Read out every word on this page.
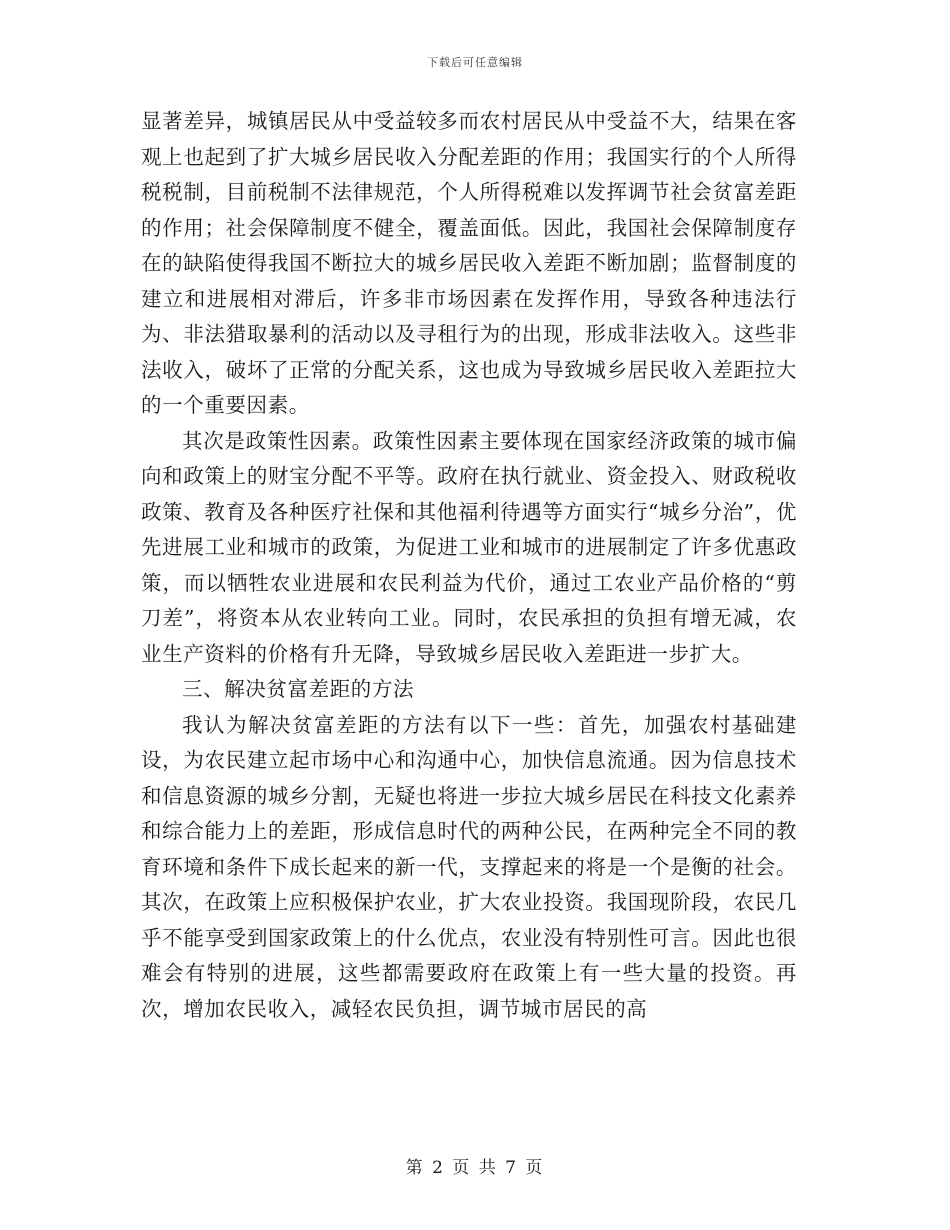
下载后可任意编辑

显著差异，城镇居民从中受益较多而农村居民从中受益不大，结果在客观上也起到了扩大城乡居民收入分配差距的作用；我国实行的个人所得税税制，目前税制不法律规范，个人所得税难以发挥调节社会贫富差距的作用；社会保障制度不健全，覆盖面低。因此，我国社会保障制度存在的缺陷使得我国不断拉大的城乡居民收入差距不断加剧；监督制度的建立和进展相对滞后，许多非市场因素在发挥作用，导致各种违法行为、非法猎取暴利的活动以及寻租行为的出现，形成非法收入。这些非法收入，破坏了正常的分配关系，这也成为导致城乡居民收入差距拉大的一个重要因素。

其次是政策性因素。政策性因素主要体现在国家经济政策的城市偏向和政策上的财宝分配不平等。政府在执行就业、资金投入、财政税收政策、教育及各种医疗社保和其他福利待遇等方面实行“城乡分治”，优先进展工业和城市的政策，为促进工业和城市的进展制定了许多优惠政策，而以牺牲农业进展和农民利益为代价，通过工农业产品价格的“剪刀差”，将资本从农业转向工业。同时，农民承担的负担有增无减，农业生产资料的价格有升无降，导致城乡居民收入差距进一步扩大。

三、解决贫富差距的方法

我认为解决贫富差距的方法有以下一些：首先，加强农村基础建设，为农民建立起市场中心和沟通中心，加快信息流通。因为信息技术和信息资源的城乡分割，无疑也将进一步拉大城乡居民在科技文化素养和综合能力上的差距，形成信息时代的两种公民，在两种完全不同的教育环境和条件下成长起来的新一代，支撑起来的将是一个是衡的社会。其次，在政策上应积极保护农业，扩大农业投资。我国现阶段，农民几乎不能享受到国家政策上的什么优点，农业没有特别性可言。因此也很难会有特别的进展，这些都需要政府在政策上有一些大量的投资。再次，增加农民收入，减轻农民负担，调节城市居民的高

第 2 页 共 7 页
